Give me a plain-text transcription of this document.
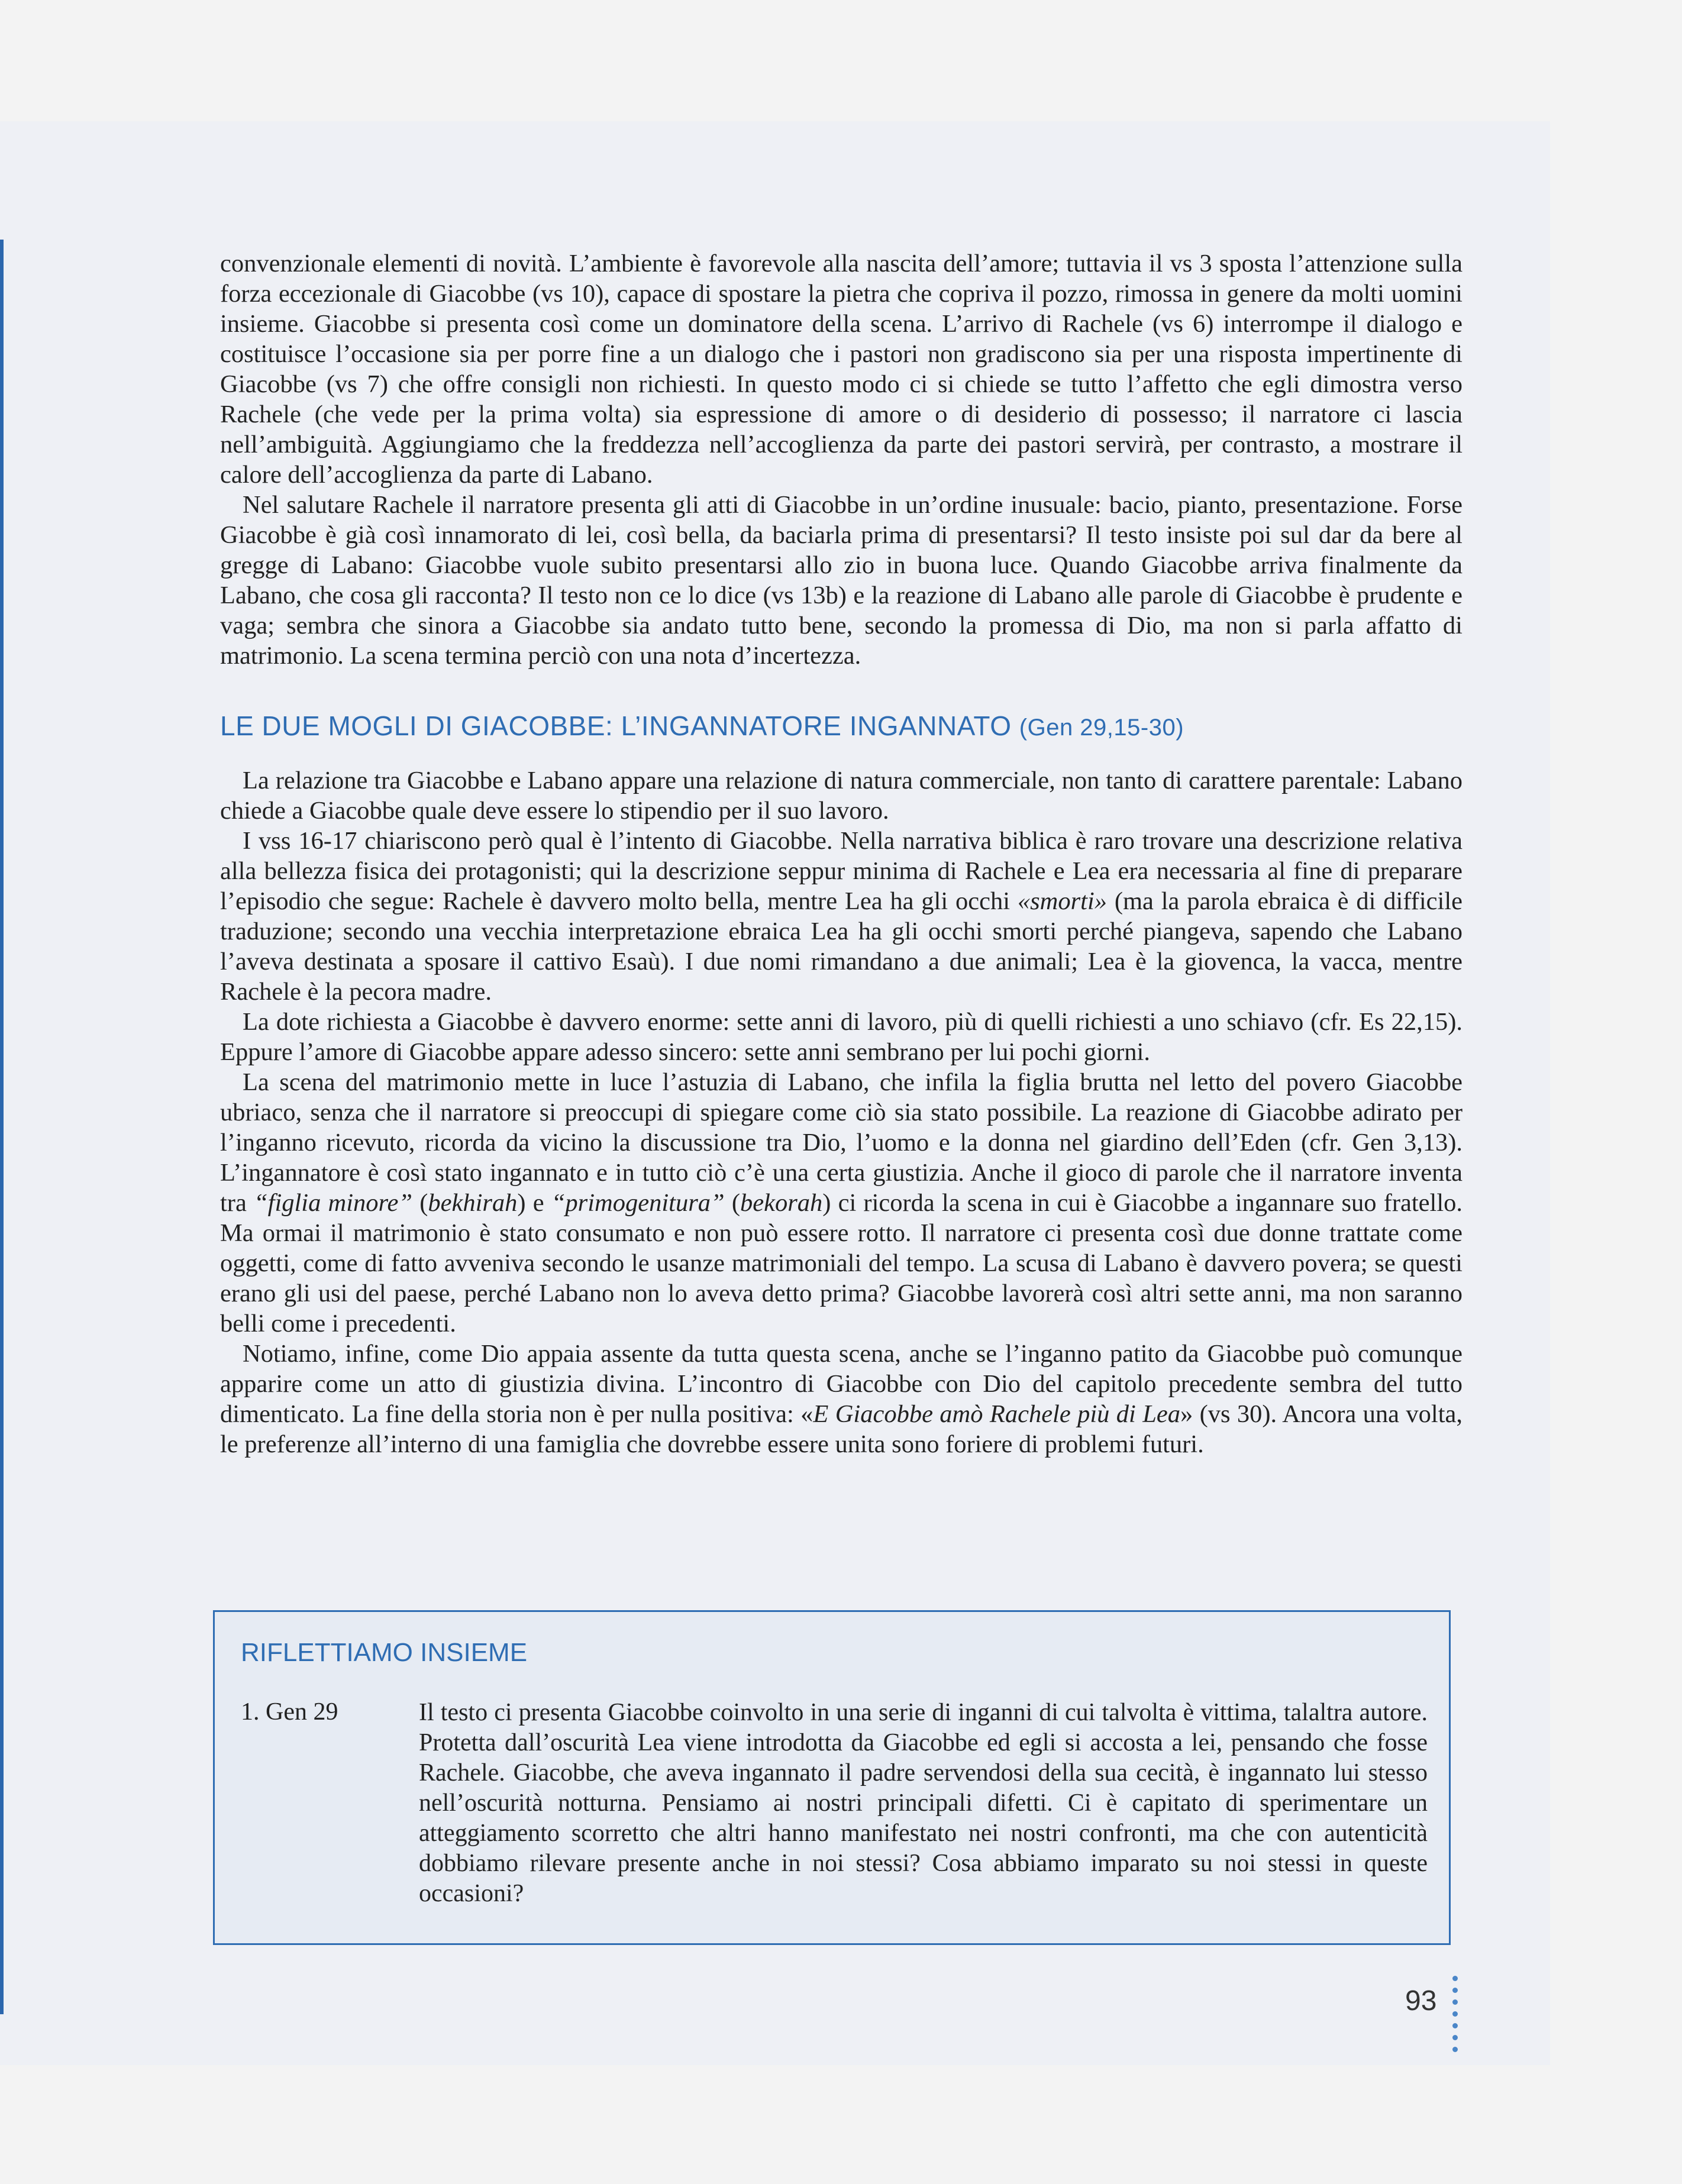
convenzionale elementi di novità. L’ambiente è favorevole alla nascita dell’amore; tuttavia il vs 3 sposta l’attenzione sulla forza eccezionale di Giacobbe (vs 10), capace di spostare la pietra che copriva il pozzo, rimossa in genere da molti uomini insieme. Giacobbe si presenta così come un dominatore della scena. L’arrivo di Rachele (vs 6) interrompe il dialogo e costituisce l’occasione sia per porre fine a un dialogo che i pastori non gradiscono sia per una risposta impertinente di Giacobbe (vs 7) che offre consigli non richiesti. In questo modo ci si chiede se tutto l’affetto che egli dimostra verso Rachele (che vede per la prima volta) sia espressione di amore o di desiderio di possesso; il narratore ci lascia nell’ambiguità. Aggiungiamo che la freddezza nell’accoglienza da parte dei pastori servirà, per contrasto, a mostrare il calore dell’accoglienza da parte di Labano.

Nel salutare Rachele il narratore presenta gli atti di Giacobbe in un’ordine inusuale: bacio, pianto, presentazione. Forse Giacobbe è già così innamorato di lei, così bella, da baciarla prima di presentarsi? Il testo insiste poi sul dar da bere al gregge di Labano: Giacobbe vuole subito presentarsi allo zio in buona luce. Quando Giacobbe arriva finalmente da Labano, che cosa gli racconta? Il testo non ce lo dice (vs 13b) e la reazione di Labano alle parole di Giacobbe è prudente e vaga; sembra che sinora a Giacobbe sia andato tutto bene, secondo la promessa di Dio, ma non si parla affatto di matrimonio. La scena termina perciò con una nota d’incertezza.

LE DUE MOGLI DI GIACOBBE: L’INGANNATORE INGANNATO (Gen 29,15-30)

La relazione tra Giacobbe e Labano appare una relazione di natura commerciale, non tanto di carattere parentale: Labano chiede a Giacobbe quale deve essere lo stipendio per il suo lavoro.

I vss 16-17 chiariscono però qual è l’intento di Giacobbe. Nella narrativa biblica è raro trovare una descrizione relativa alla bellezza fisica dei protagonisti; qui la descrizione seppur minima di Rachele e Lea era necessaria al fine di preparare l’episodio che segue: Rachele è davvero molto bella, mentre Lea ha gli occhi «smorti» (ma la parola ebraica è di difficile traduzione; secondo una vecchia interpretazione ebraica Lea ha gli occhi smorti perché piangeva, sapendo che Labano l’aveva destinata a sposare il cattivo Esaù). I due nomi rimandano a due animali; Lea è la giovenca, la vacca, mentre Rachele è la pecora madre.

La dote richiesta a Giacobbe è davvero enorme: sette anni di lavoro, più di quelli richiesti a uno schiavo (cfr. Es 22,15). Eppure l’amore di Giacobbe appare adesso sincero: sette anni sembrano per lui pochi giorni.

La scena del matrimonio mette in luce l’astuzia di Labano, che infila la figlia brutta nel letto del povero Giacobbe ubriaco, senza che il narratore si preoccupi di spiegare come ciò sia stato possibile. La reazione di Giacobbe adirato per l’inganno ricevuto, ricorda da vicino la discussione tra Dio, l’uomo e la donna nel giardino dell’Eden (cfr. Gen 3,13). L’ingannatore è così stato ingannato e in tutto ciò c’è una certa giustizia. Anche il gioco di parole che il narratore inventa tra “figlia minore” (bekhirah) e “primogenitura” (bekorah) ci ricorda la scena in cui è Giacobbe a ingannare suo fratello. Ma ormai il matrimonio è stato consumato e non può essere rotto. Il narratore ci presenta così due donne trattate come oggetti, come di fatto avveniva secondo le usanze matrimoniali del tempo. La scusa di Labano è davvero povera; se questi erano gli usi del paese, perché Labano non lo aveva detto prima? Giacobbe lavorerà così altri sette anni, ma non saranno belli come i precedenti.

Notiamo, infine, come Dio appaia assente da tutta questa scena, anche se l’inganno patito da Giacobbe può comunque apparire come un atto di giustizia divina. L’incontro di Giacobbe con Dio del capitolo precedente sembra del tutto dimenticato. La fine della storia non è per nulla positiva: «E Giacobbe amò Rachele più di Lea» (vs 30). Ancora una volta, le preferenze all’interno di una famiglia che dovrebbe essere unita sono foriere di problemi futuri.

RIFLETTIAMO INSIEME
1. Gen 29	Il testo ci presenta Giacobbe coinvolto in una serie di inganni di cui talvolta è vittima, talaltra autore. Protetta dall’oscurità Lea viene introdotta da Giacobbe ed egli si accosta a lei, pensando che fosse Rachele. Giacobbe, che aveva ingannato il padre servendosi della sua cecità, è ingannato lui stesso nell’oscurità notturna. Pensiamo ai nostri principali difetti. Ci è capitato di sperimentare un atteggiamento scorretto che altri hanno manifestato nei nostri confronti, ma che con autenticità dobbiamo rilevare presente anche in noi stessi? Cosa abbiamo imparato su noi stessi in queste occasioni?
93
